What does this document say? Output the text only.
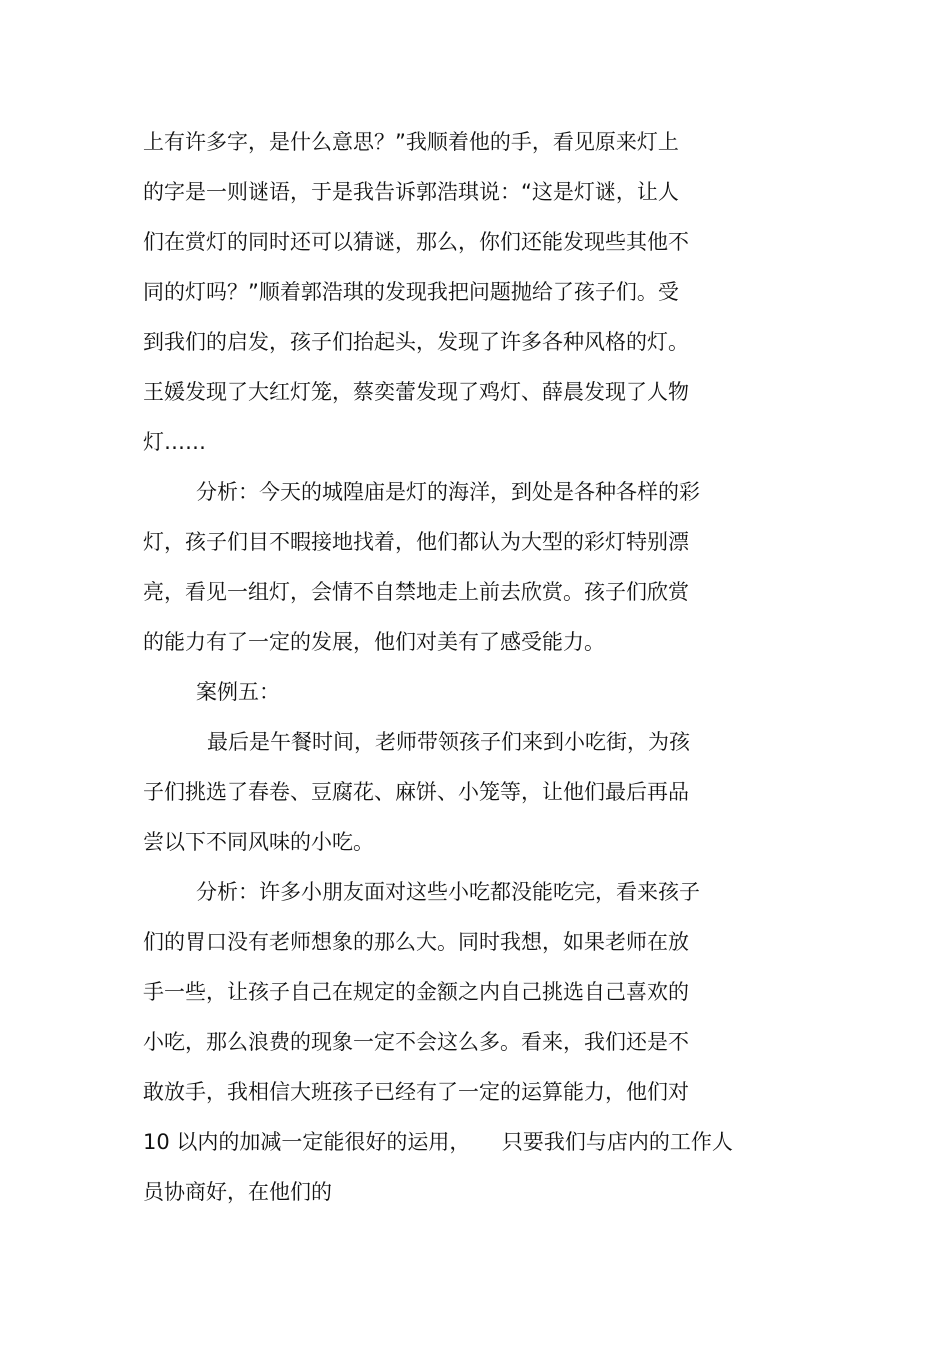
上有许多字，是什么意思？”我顺着他的手，看见原来灯上
的字是一则谜语，于是我告诉郭浩琪说：“这是灯谜，让人
们在赏灯的同时还可以猜谜，那么，你们还能发现些其他不
同的灯吗？”顺着郭浩琪的发现我把问题抛给了孩子们。受
到我们的启发，孩子们抬起头，发现了许多各种风格的灯。
王媛发现了大红灯笼，蔡奕蕾发现了鸡灯、薛晨发现了人物
灯……
分析：今天的城隍庙是灯的海洋，到处是各种各样的彩
灯，孩子们目不暇接地找着，他们都认为大型的彩灯特别漂
亮，看见一组灯，会情不自禁地走上前去欣赏。孩子们欣赏
的能力有了一定的发展，他们对美有了感受能力。
案例五：
最后是午餐时间，老师带领孩子们来到小吃街，为孩
子们挑选了春卷、豆腐花、麻饼、小笼等，让他们最后再品
尝以下不同风味的小吃。
分析：许多小朋友面对这些小吃都没能吃完，看来孩子
们的胃口没有老师想象的那么大。同时我想，如果老师在放
手一些，让孩子自己在规定的金额之内自己挑选自己喜欢的
小吃，那么浪费的现象一定不会这么多。看来，我们还是不
敢放手，我相信大班孩子已经有了一定的运算能力，他们对
10 以内的加减一定能很好的运用，　　只要我们与店内的工作人
员协商好，在他们的
